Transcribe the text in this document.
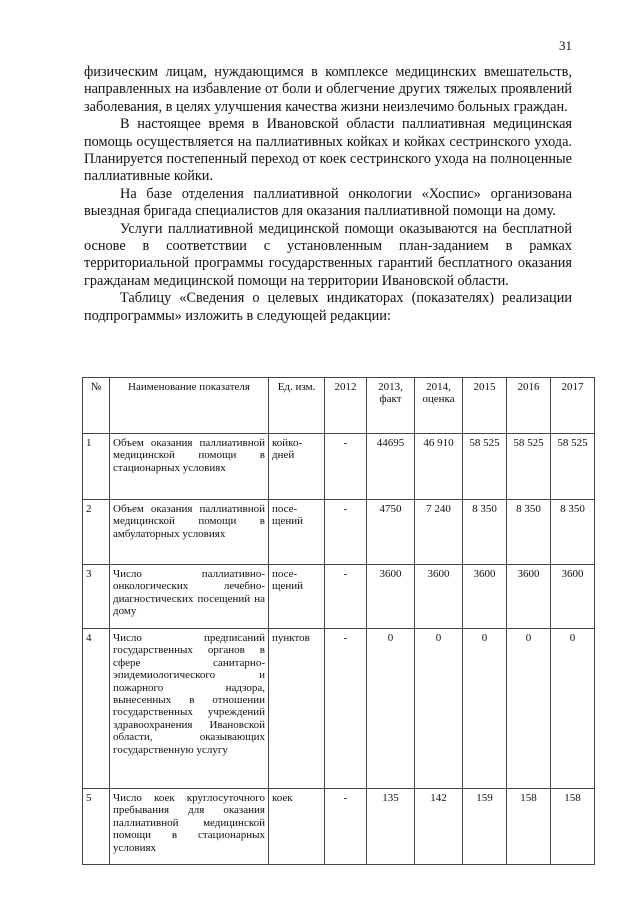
31

физическим лицам, нуждающимся в комплексе медицинских вмешательств, направленных на избавление от боли и облегчение других тяжелых проявлений заболевания, в целях улучшения качества жизни неизлечимо больных граждан.

В настоящее время в Ивановской области паллиативная медицинская помощь осуществляется на паллиативных койках и койках сестринского ухода. Планируется постепенный переход от коек сестринского ухода на полноценные паллиативные койки.

На базе отделения паллиативной онкологии «Хоспис» организована выездная бригада специалистов для оказания паллиативной помощи на дому.

Услуги паллиативной медицинской помощи оказываются на бесплатной основе в соответствии с установленным план-заданием в рамках территориальной программы государственных гарантий бесплатного оказания гражданам медицинской помощи на территории Ивановской области.

Таблицу «Сведения о целевых индикаторах (показателях) реализации подпрограммы» изложить в следующей редакции:

№	Наименование показателя	Ед. изм.	2012	2013, факт	2014, оценка	2015	2016	2017
1	Объем оказания паллиативной медицинской помощи в стационарных условиях	койко-дней	-	44695	46 910	58 525	58 525	58 525
2	Объем оказания паллиативной медицинской помощи в амбулаторных условиях	посе-щений	-	4750	7 240	8 350	8 350	8 350
3	Число паллиативно-онкологических лечебно-диагностических посещений на дому	посе-щений	-	3600	3600	3600	3600	3600
4	Число предписаний государственных органов в сфере санитарно-эпидемиологического и пожарного надзора, вынесенных в отношении государственных учреждений здравоохранения Ивановской области, оказывающих государственную услугу	пунктов	-	0	0	0	0	0
5	Число коек круглосуточного пребывания для оказания паллиативной медицинской помощи в стационарных условиях	коек	-	135	142	159	158	158
